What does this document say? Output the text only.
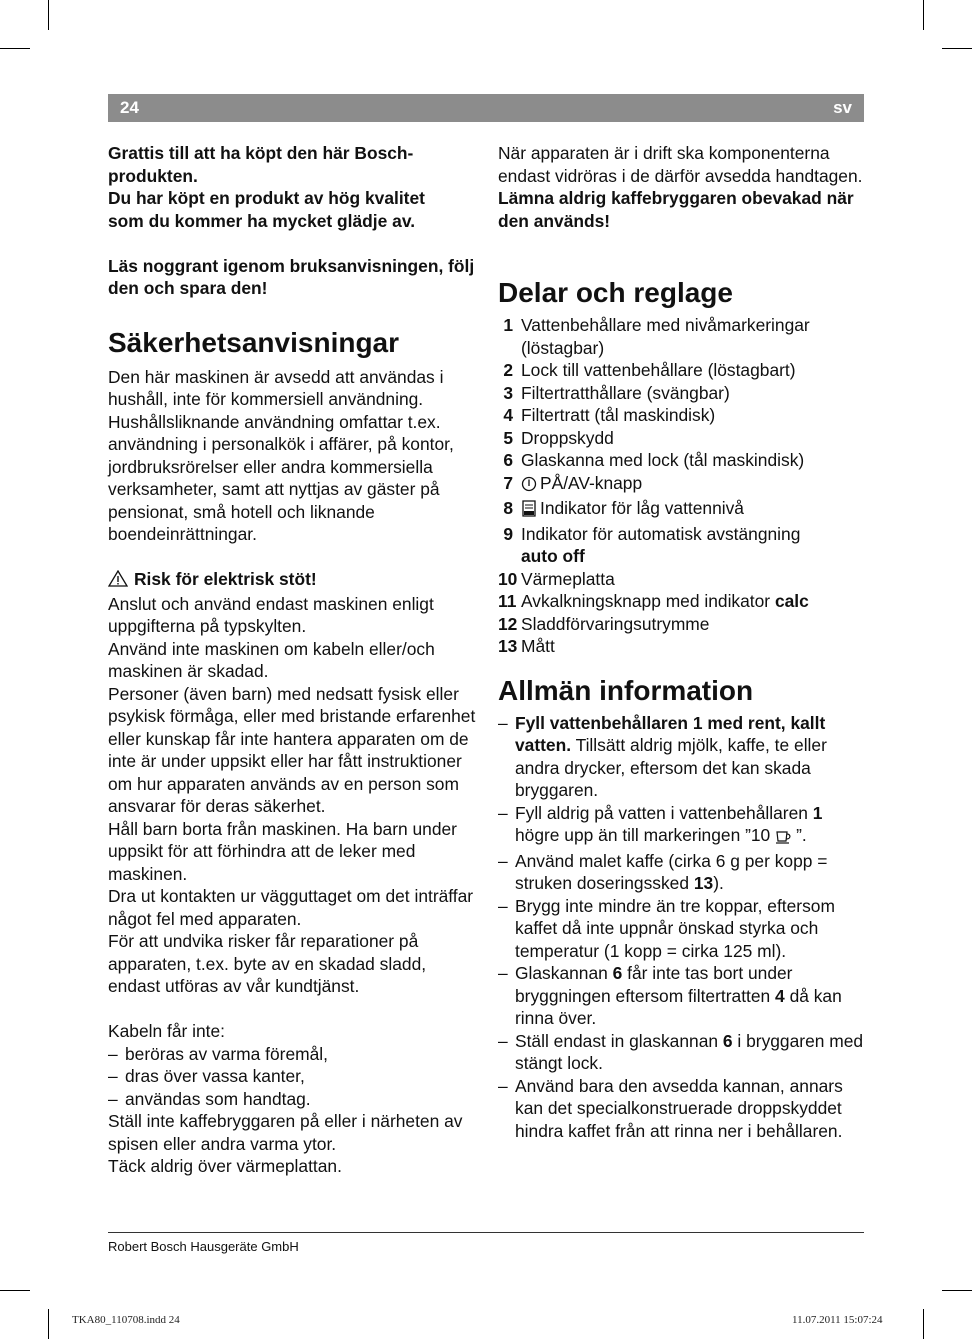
24	sv

Grattis till att ha köpt den här Bosch-produkten.

Du har köpt en produkt av hög kvalitet som du kommer ha mycket glädje av.

Läs noggrant igenom bruksanvisningen, följ den och spara den!

Säkerhetsanvisningar

Den här maskinen är avsedd att användas i hushåll, inte för kommersiell användning. Hushållsliknande användning omfattar t.ex. användning i personalkök i affärer, på kontor, jordbruksrörelser eller andra kommersiella verksamheter, samt att nyttjas av gäster på pensionat, små hotell och liknande boendeinrättningar.

Risk för elektrisk stöt!

Anslut och använd endast maskinen enligt uppgifterna på typskylten.

Använd inte maskinen om kabeln eller/och maskinen är skadad.

Personer (även barn) med nedsatt fysisk eller psykisk förmåga, eller med bristande erfarenhet eller kunskap får inte hantera apparaten om de inte är under uppsikt eller har fått instruktioner om hur apparaten används av en person som ansvarar för deras säkerhet.

Håll barn borta från maskinen. Ha barn under uppsikt för att förhindra att de leker med maskinen.

Dra ut kontakten ur vägguttaget om det inträffar något fel med apparaten.

För att undvika risker får reparationer på apparaten, t.ex. byte av en skadad sladd, endast utföras av vår kundtjänst.

Kabeln får inte:

– beröras av varma föremål,
– dras över vassa kanter,
– användas som handtag.

Ställ inte kaffebryggaren på eller i närheten av spisen eller andra varma ytor.

Täck aldrig över värmeplattan.

När apparaten är i drift ska komponenterna endast vidröras i de därför avsedda handtagen.

Lämna aldrig kaffebryggaren obevakad när den används!

Delar och reglage
1 Vattenbehållare med nivåmarkeringar (löstagbar)
2 Lock till vattenbehållare (löstagbart)
3 Filtertratthållare (svängbar)
4 Filtertratt (tål maskindisk)
5 Droppskydd
6 Glaskanna med lock (tål maskindisk)
7 PÅ/AV-knapp
8 Indikator för låg vattennivå
9 Indikator för automatisk avstängning
auto off
10 Värmeplatta
11 Avkalkningsknapp med indikator calc
12 Sladdförvaringsutrymme
13 Mått
Allmän information
– Fyll vattenbehållaren 1 med rent, kallt vatten. Tillsätt aldrig mjölk, kaffe, te eller andra drycker, eftersom det kan skada bryggaren.
– Fyll aldrig på vatten i vattenbehållaren 1 högre upp än till markeringen ”10 ”.
– Använd malet kaffe (cirka 6 g per kopp = struken doseringssked 13).
– Brygg inte mindre än tre koppar, eftersom kaffet då inte uppnår önskad styrka och temperatur (1 kopp = cirka 125 ml).
– Glaskannan 6 får inte tas bort under bryggningen eftersom filtertratten 4 då kan rinna över.
– Ställ endast in glaskannan 6 i bryggaren med stängt lock.
– Använd bara den avsedda kannan, annars kan det specialkonstruerade droppskyddet hindra kaffet från att rinna ner i behållaren.
Robert Bosch Hausgeräte GmbH
TKA80_110708.indd 24	11.07.2011 15:07:24
